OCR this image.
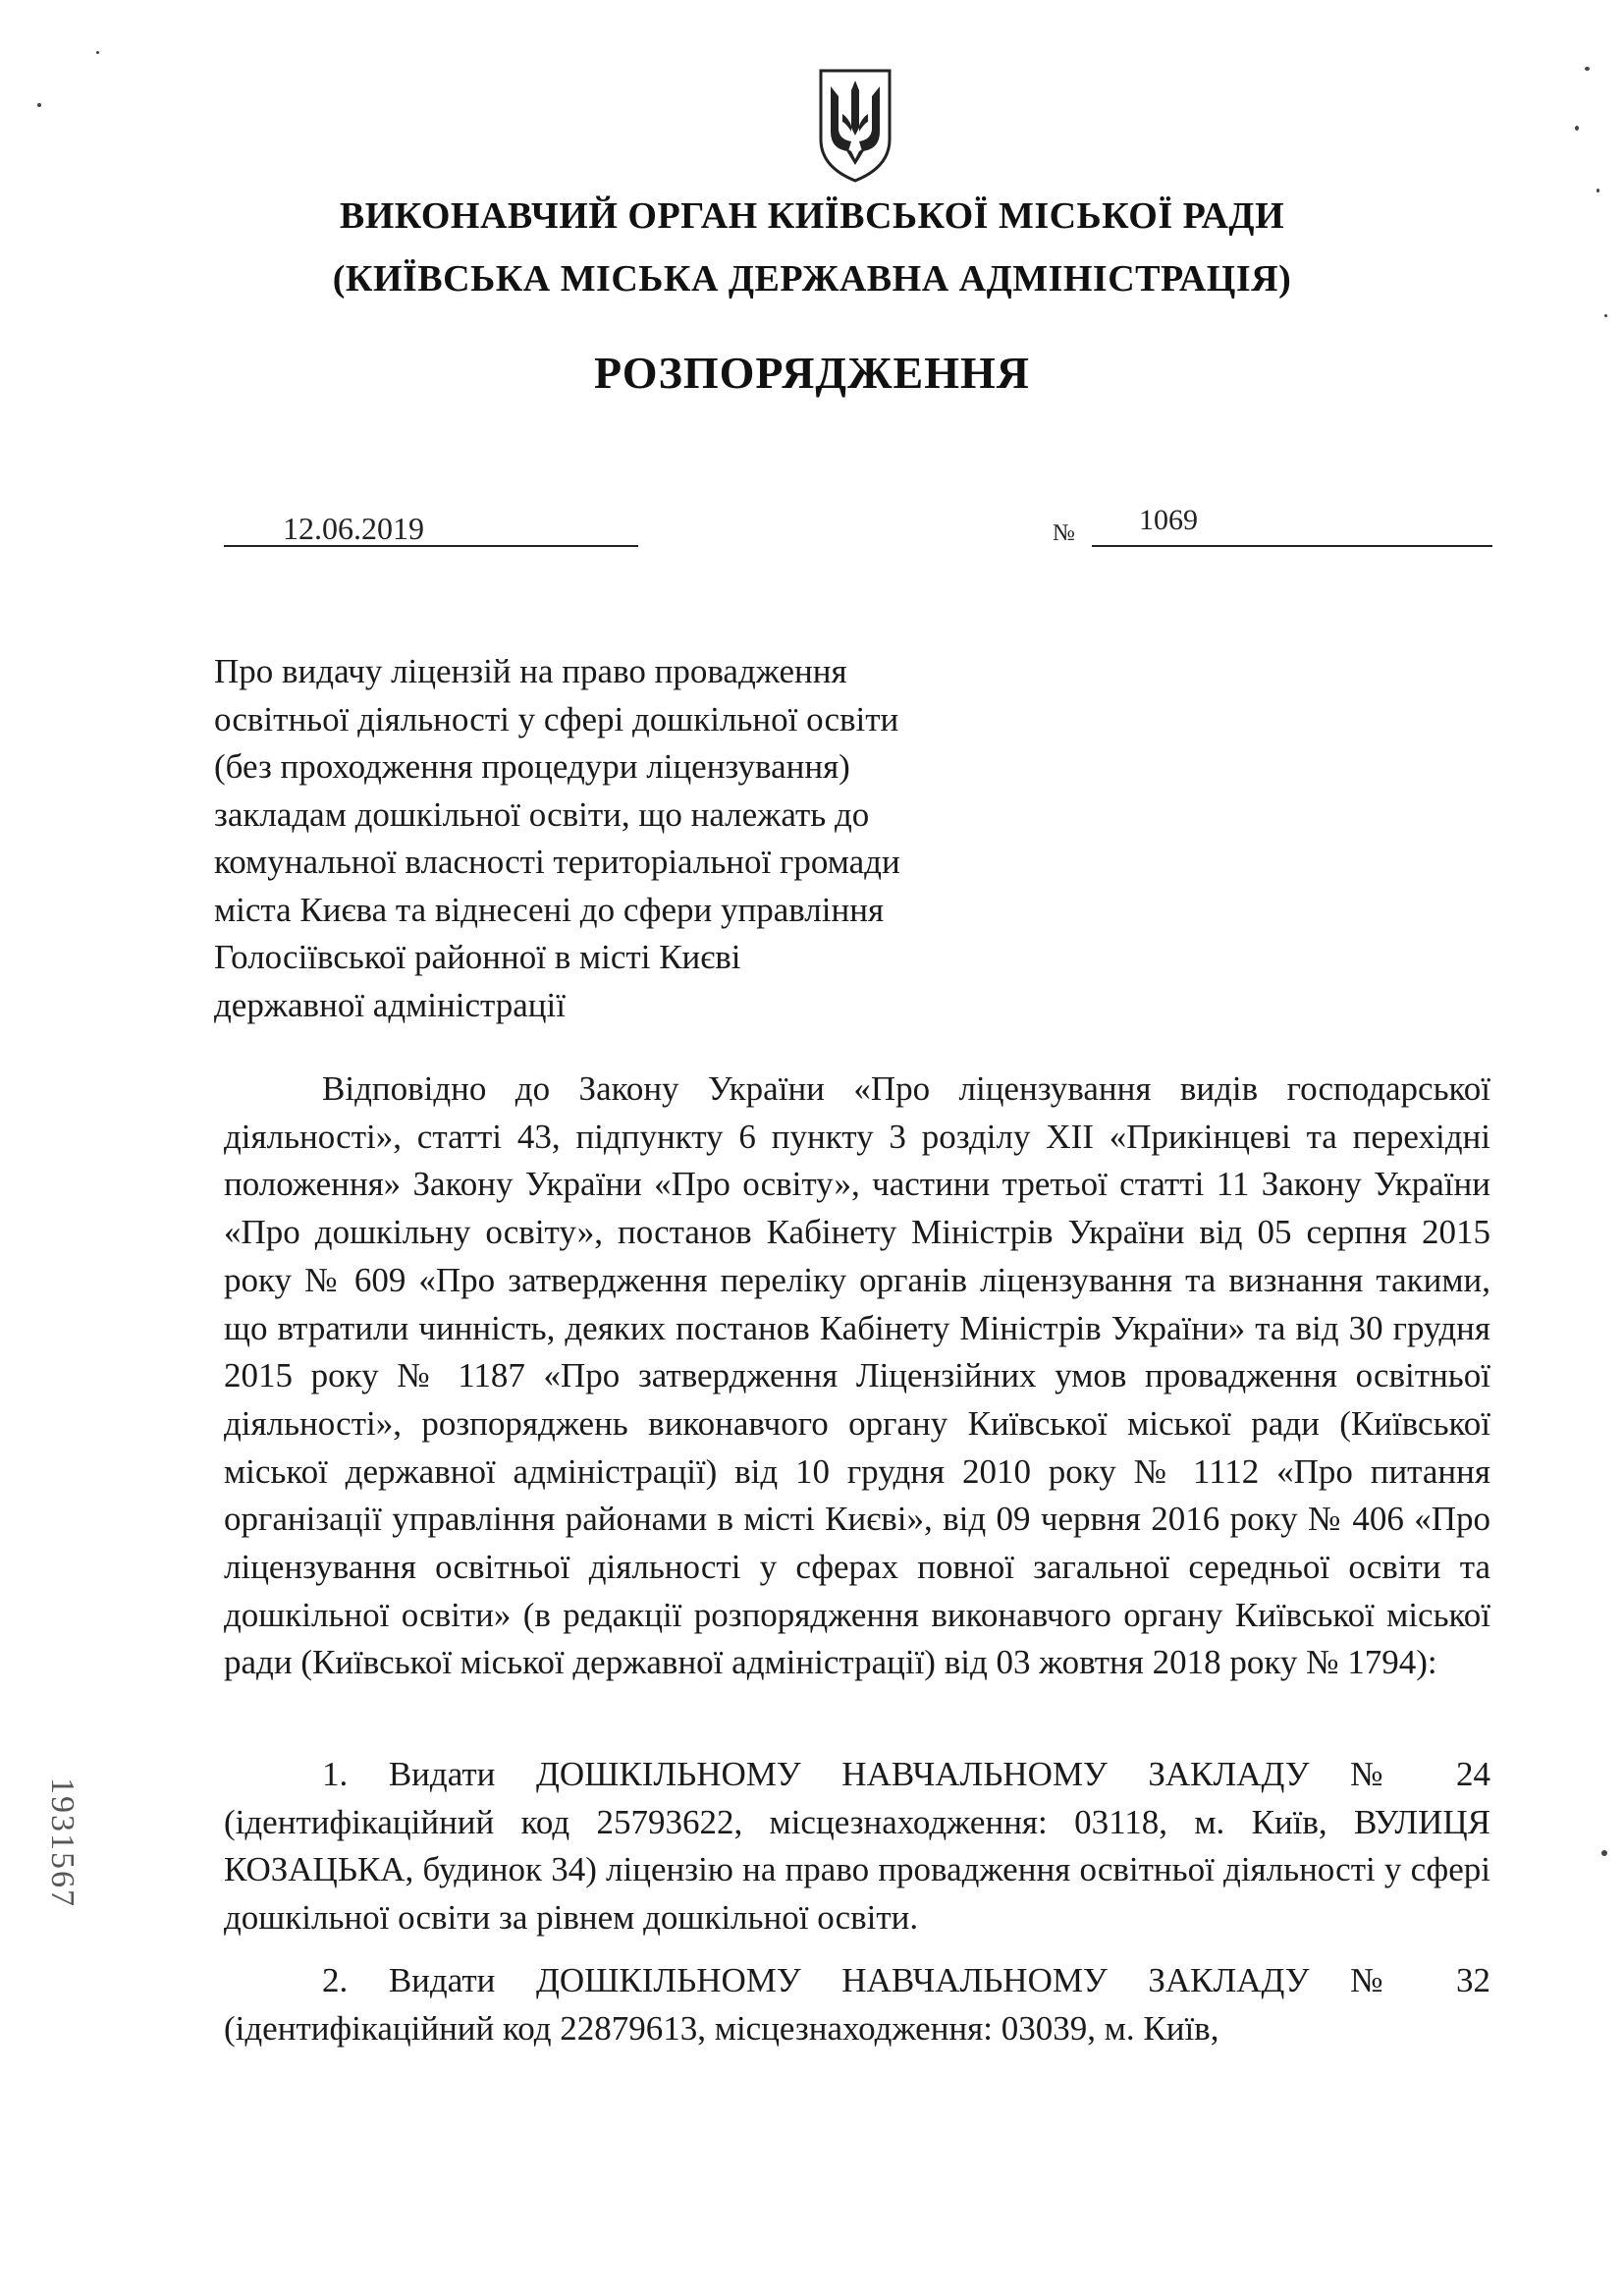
ВИКОНАВЧИЙ ОРГАН КИЇВСЬКОЇ МІСЬКОЇ РАДИ
(КИЇВСЬКА МІСЬКА ДЕРЖАВНА АДМІНІСТРАЦІЯ)
РОЗПОРЯДЖЕННЯ
12.06.2019	№ 1069
Про видачу ліцензій на право провадження
освітньої діяльності у сфері дошкільної освіти
(без проходження процедури ліцензування)
закладам дошкільної освіти, що належать до
комунальної власності територіальної громади
міста Києва та віднесені до сфери управління
Голосіївської районної в місті Києві
державної адміністрації
Відповідно до Закону України «Про ліцензування видів господарської діяльності», статті 43, підпункту 6 пункту 3 розділу XII «Прикінцеві та перехідні положення» Закону України «Про освіту», частини третьої статті 11 Закону України «Про дошкільну освіту», постанов Кабінету Міністрів України від 05 серпня 2015 року № 609 «Про затвердження переліку органів ліцензування та визнання такими, що втратили чинність, деяких постанов Кабінету Міністрів України» та від 30 грудня 2015 року № 1187 «Про затвердження Ліцензійних умов провадження освітньої діяльності», розпоряджень виконавчого органу Київської міської ради (Київської міської державної адміністрації) від 10 грудня 2010 року № 1112 «Про питання організації управління районами в місті Києві», від 09 червня 2016 року № 406 «Про ліцензування освітньої діяльності у сферах повної загальної середньої освіти та дошкільної освіти» (в редакції розпорядження виконавчого органу Київської міської ради (Київської міської державної адміністрації) від 03 жовтня 2018 року № 1794):
1. Видати ДОШКІЛЬНОМУ НАВЧАЛЬНОМУ ЗАКЛАДУ № 24 (ідентифікаційний код 25793622, місцезнаходження: 03118, м. Київ, ВУЛИЦЯ КОЗАЦЬКА, будинок 34) ліцензію на право провадження освітньої діяльності у сфері дошкільної освіти за рівнем дошкільної освіти.
2. Видати ДОШКІЛЬНОМУ НАВЧАЛЬНОМУ ЗАКЛАДУ № 32 (ідентифікаційний код 22879613, місцезнаходження: 03039, м. Київ,
1931567
